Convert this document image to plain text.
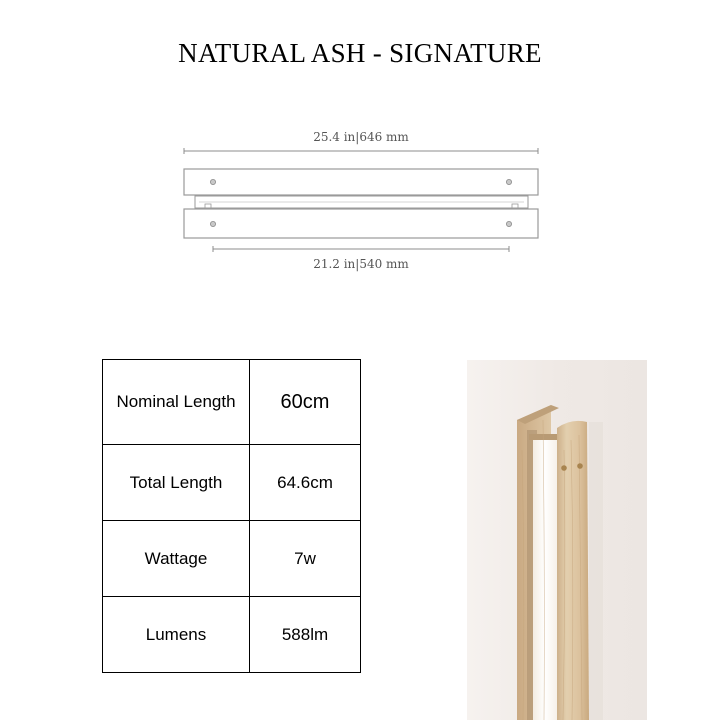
NATURAL ASH - SIGNATURE
25.4 in|646 mm
21.2 in|540 mm
Nominal Length	60cm
Total Length	64.6cm
Wattage	7w
Lumens	588lm
